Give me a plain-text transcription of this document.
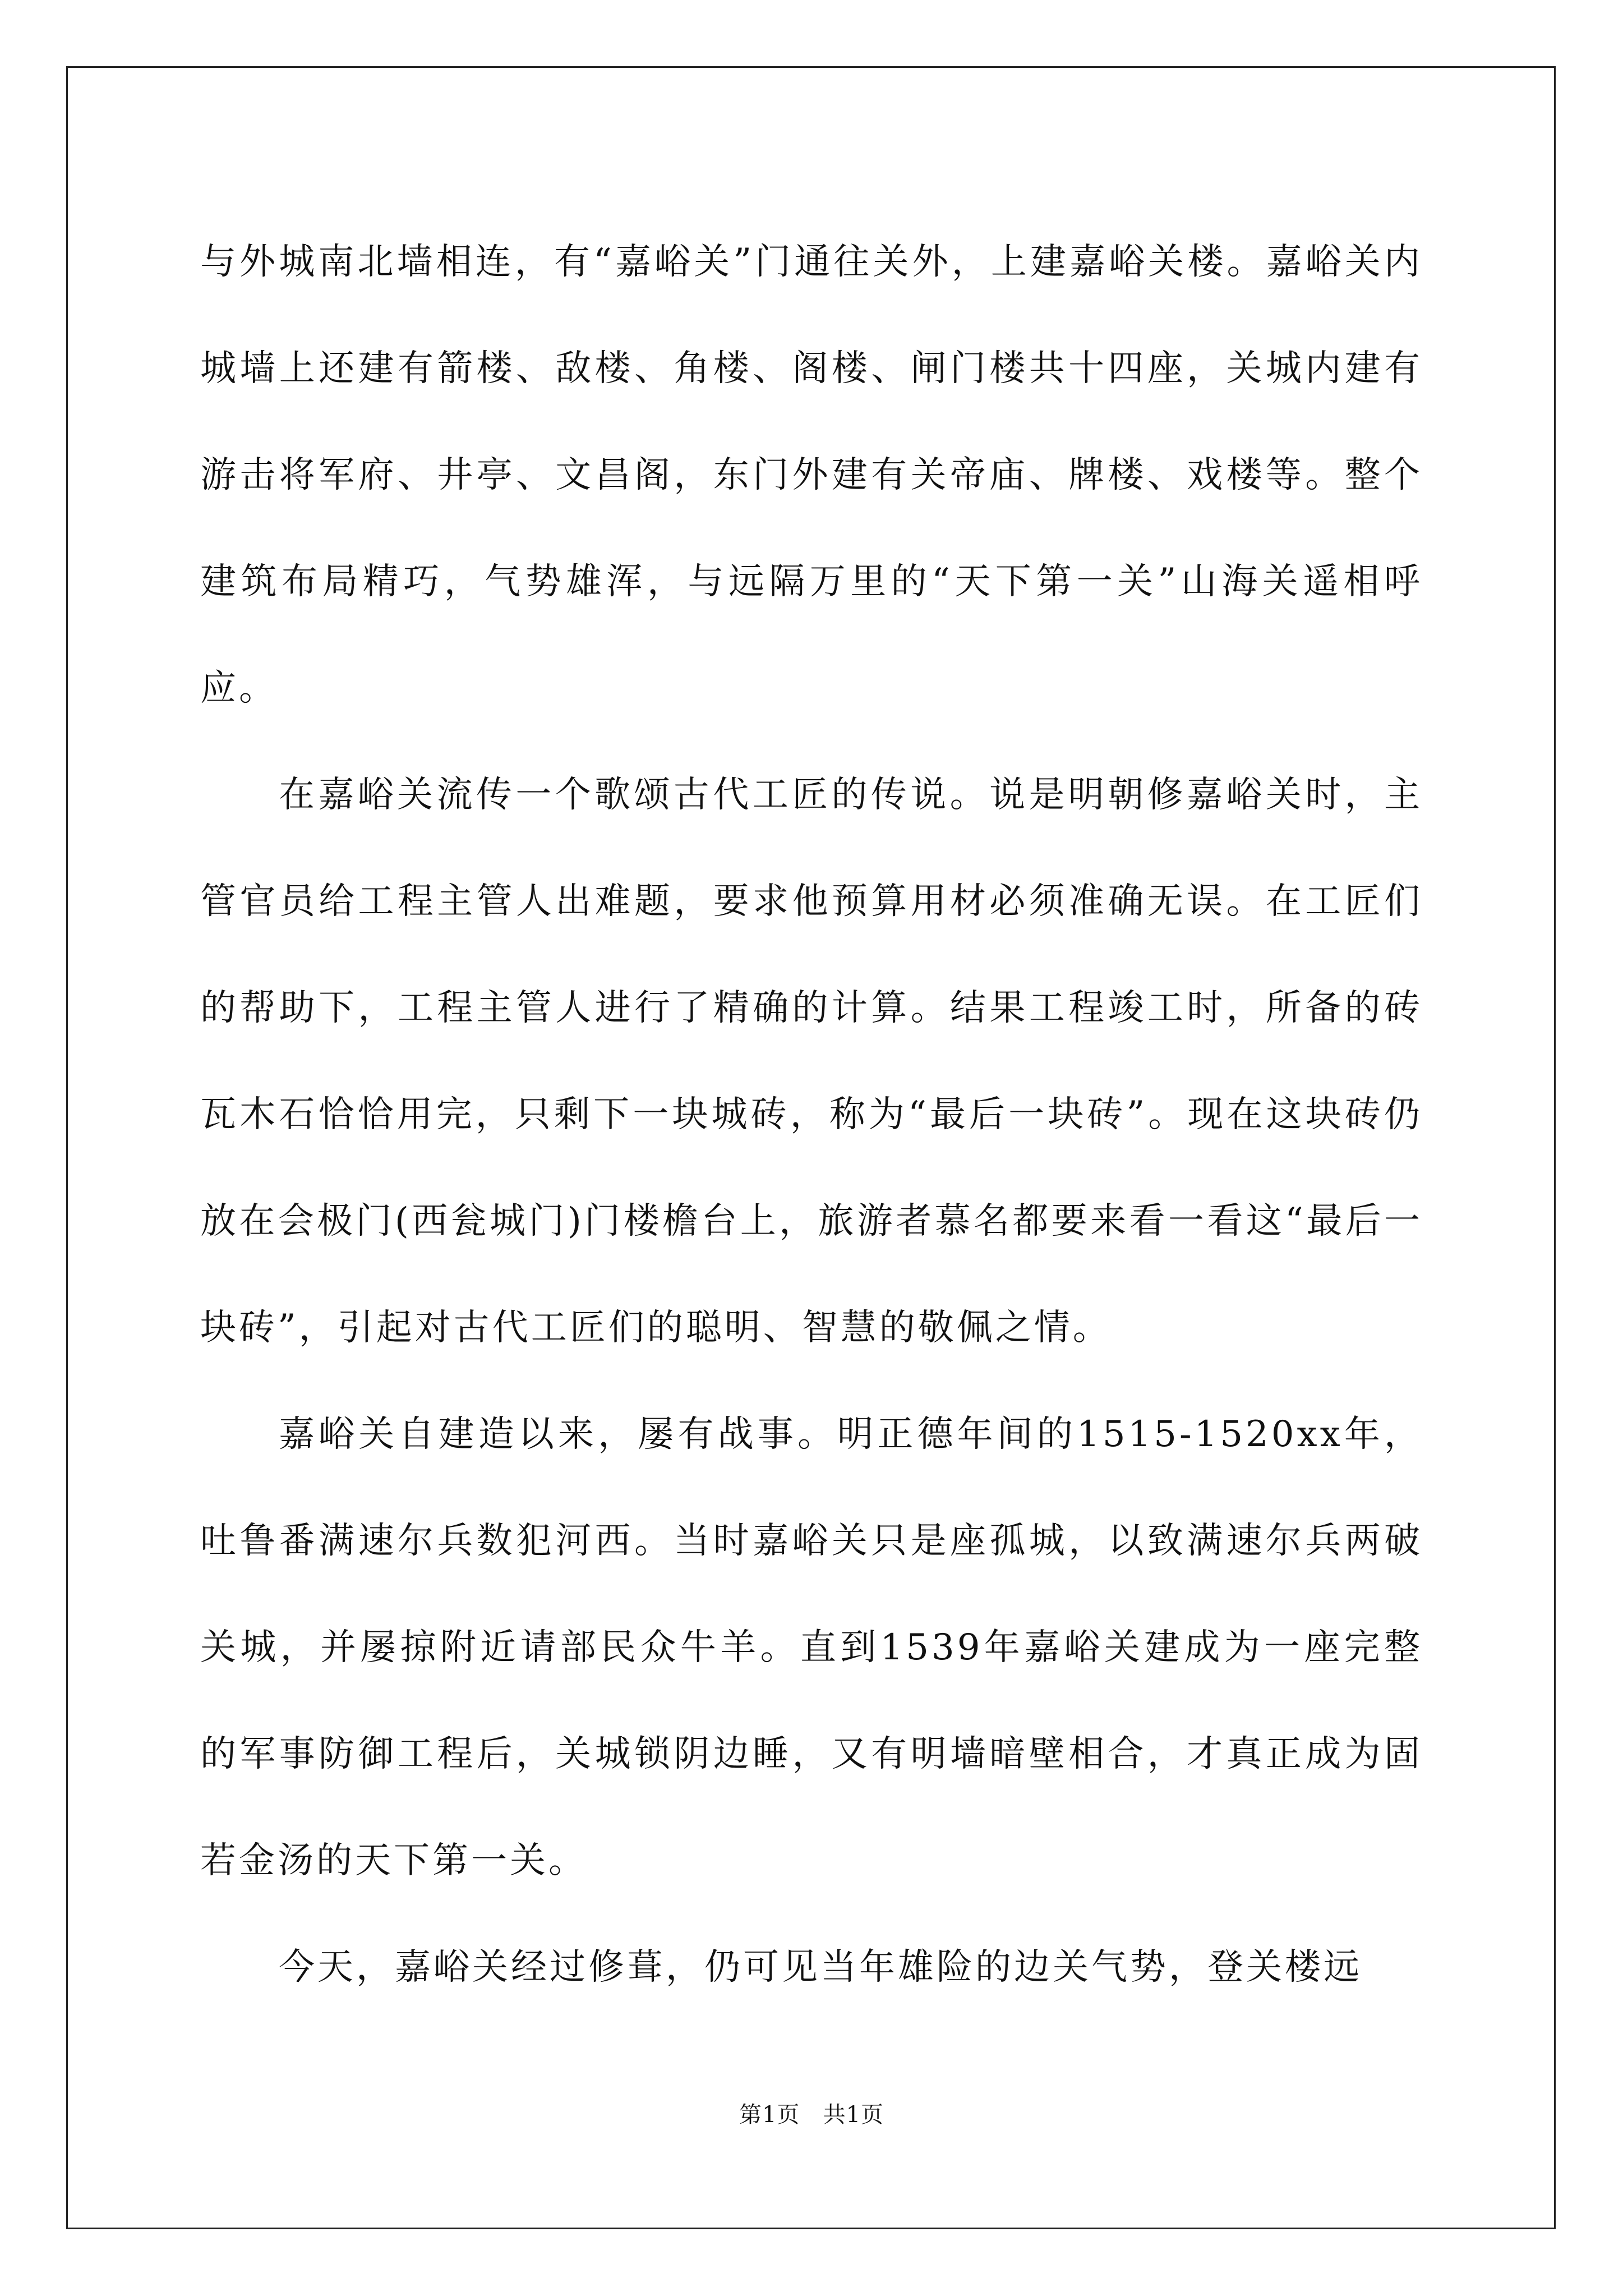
与外城南北墙相连，有“嘉峪关”门通往关外，上建嘉峪关楼。嘉峪关内城墙上还建有箭楼、敌楼、角楼、阁楼、闸门楼共十四座，关城内建有游击将军府、井亭、文昌阁，东门外建有关帝庙、牌楼、戏楼等。整个建筑布局精巧，气势雄浑，与远隔万里的“天下第一关”山海关遥相呼应。

在嘉峪关流传一个歌颂古代工匠的传说。说是明朝修嘉峪关时，主管官员给工程主管人出难题，要求他预算用材必须准确无误。在工匠们的帮助下，工程主管人进行了精确的计算。结果工程竣工时，所备的砖瓦木石恰恰用完，只剩下一块城砖，称为“最后一块砖”。现在这块砖仍放在会极门(西瓮城门)门楼檐台上，旅游者慕名都要来看一看这“最后一块砖”，引起对古代工匠们的聪明、智慧的敬佩之情。

嘉峪关自建造以来，屡有战事。明正德年间的1515-1520xx年，吐鲁番满速尔兵数犯河西。当时嘉峪关只是座孤城，以致满速尔兵两破关城，并屡掠附近请部民众牛羊。直到1539年嘉峪关建成为一座完整的军事防御工程后，关城锁阴边睡，又有明墙暗壁相合，才真正成为固若金汤的天下第一关。

今天，嘉峪关经过修葺，仍可见当年雄险的边关气势，登关楼远

第1页 共1页
